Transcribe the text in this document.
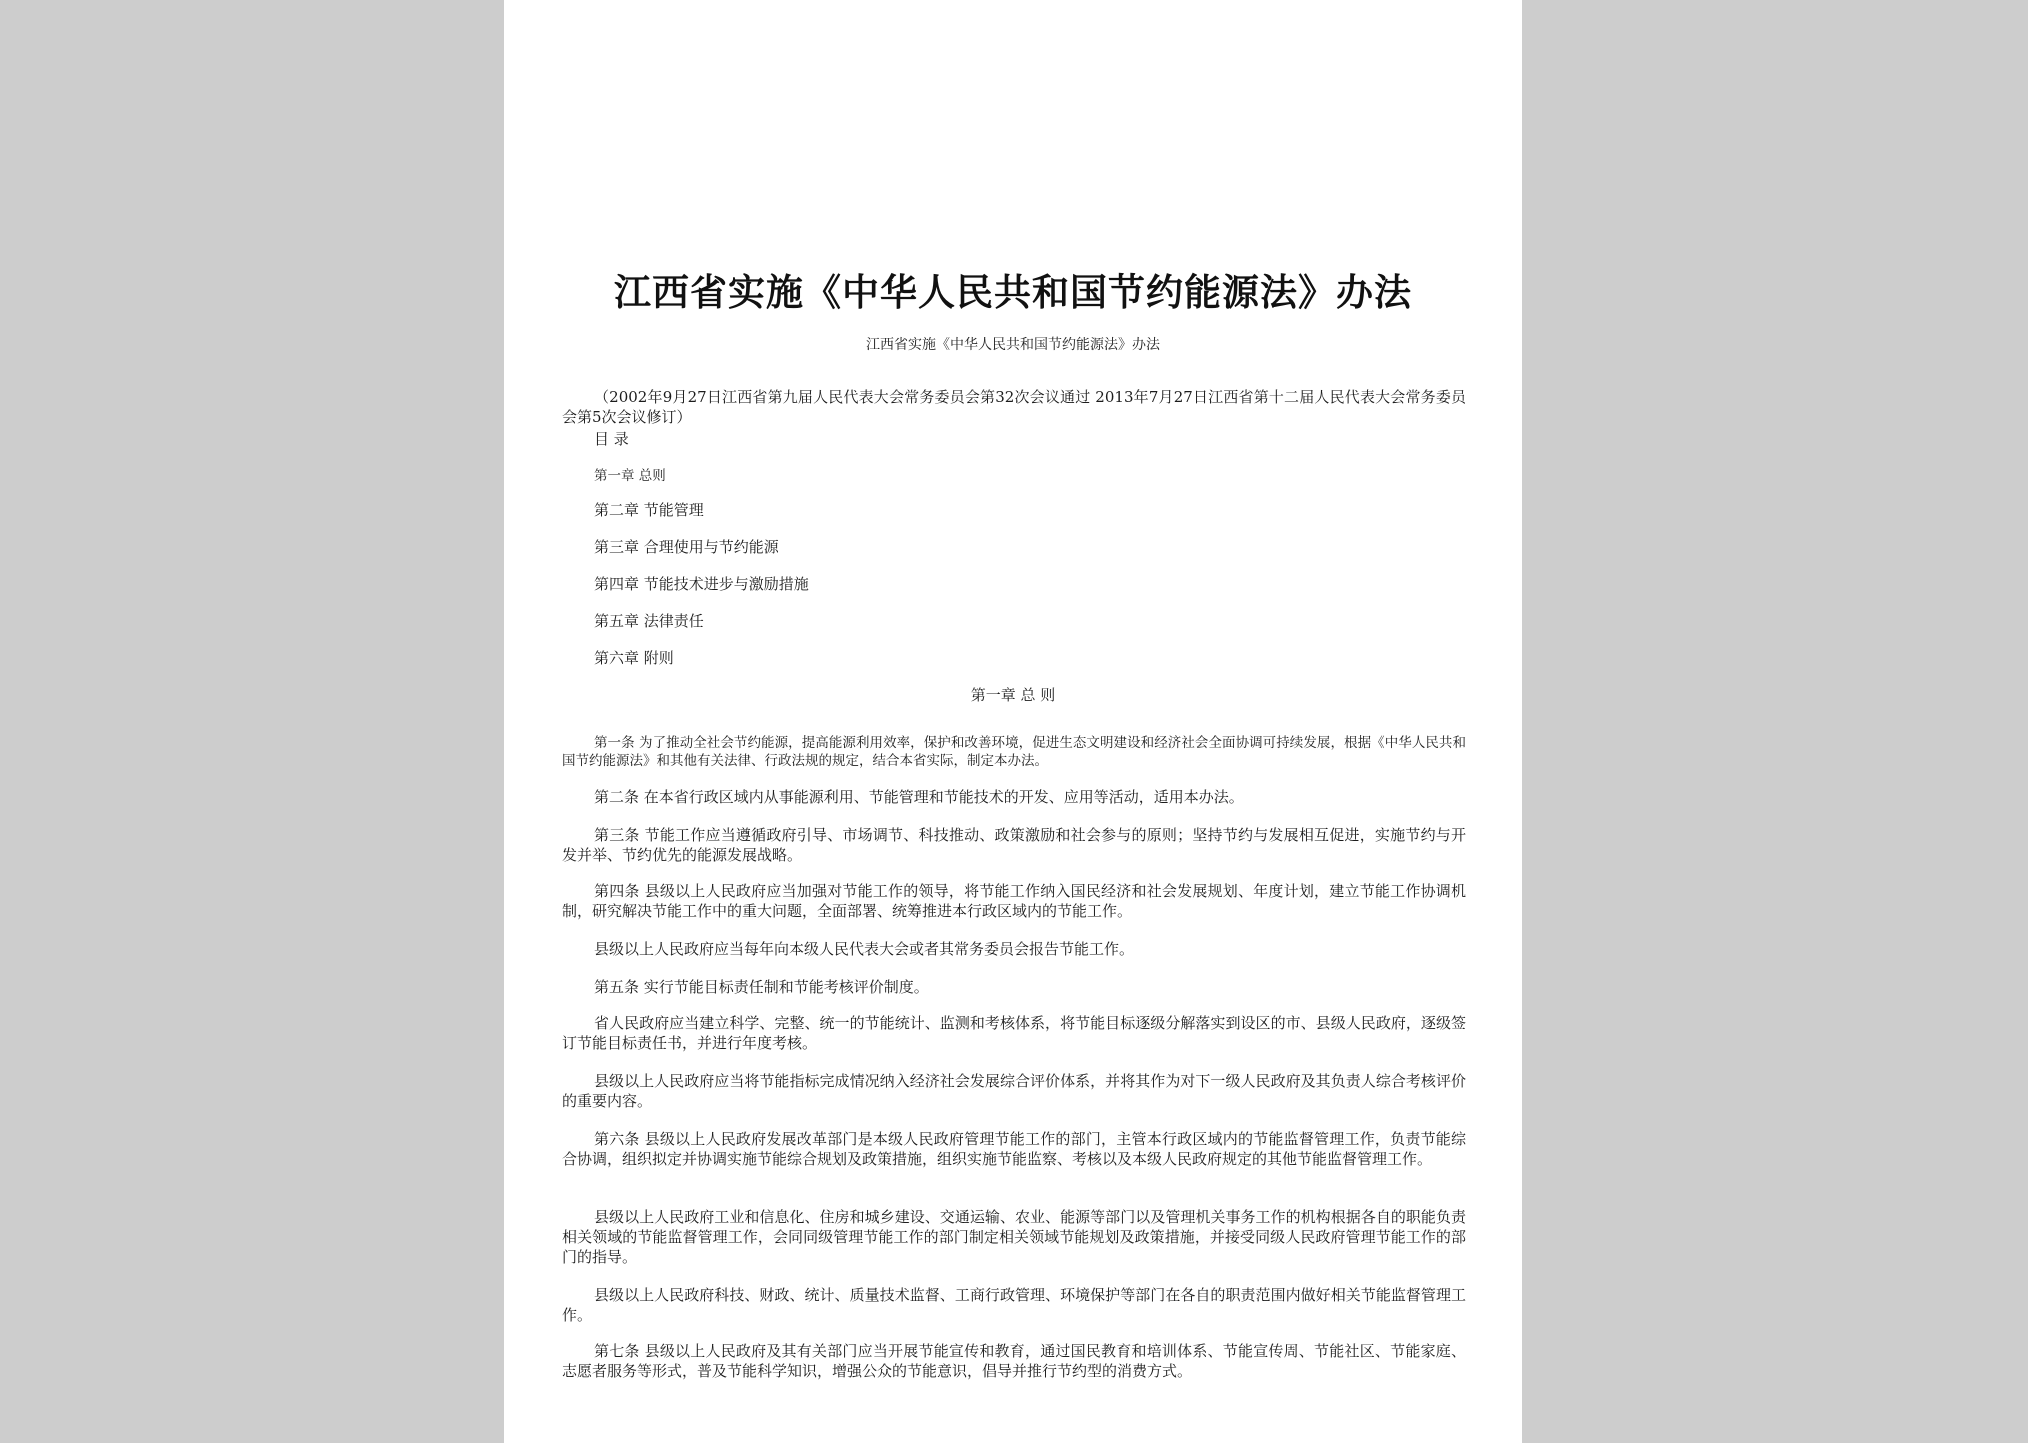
江西省实施《中华人民共和国节约能源法》办法
江西省实施《中华人民共和国节约能源法》办法

（2002年9月27日江西省第九届人民代表大会常务委员会第32次会议通过 2013年7月27日江西省第十二届人民代表大会常务委员会第5次会议修订）

目 录
第一章 总则
第二章 节能管理
第三章 合理使用与节约能源
第四章 节能技术进步与激励措施
第五章 法律责任
第六章 附则
第一章 总 则

第一条 为了推动全社会节约能源，提高能源利用效率，保护和改善环境，促进生态文明建设和经济社会全面协调可持续发展，根据《中华人民共和国节约能源法》和其他有关法律、行政法规的规定，结合本省实际，制定本办法。

第二条 在本省行政区域内从事能源利用、节能管理和节能技术的开发、应用等活动，适用本办法。

第三条 节能工作应当遵循政府引导、市场调节、科技推动、政策激励和社会参与的原则；坚持节约与发展相互促进，实施节约与开发并举、节约优先的能源发展战略。

第四条 县级以上人民政府应当加强对节能工作的领导，将节能工作纳入国民经济和社会发展规划、年度计划，建立节能工作协调机制，研究解决节能工作中的重大问题，全面部署、统筹推进本行政区域内的节能工作。

县级以上人民政府应当每年向本级人民代表大会或者其常务委员会报告节能工作。

第五条 实行节能目标责任制和节能考核评价制度。

省人民政府应当建立科学、完整、统一的节能统计、监测和考核体系，将节能目标逐级分解落实到设区的市、县级人民政府，逐级签订节能目标责任书，并进行年度考核。

县级以上人民政府应当将节能指标完成情况纳入经济社会发展综合评价体系，并将其作为对下一级人民政府及其负责人综合考核评价的重要内容。

第六条 县级以上人民政府发展改革部门是本级人民政府管理节能工作的部门，主管本行政区域内的节能监督管理工作，负责节能综合协调，组织拟定并协调实施节能综合规划及政策措施，组织实施节能监察、考核以及本级人民政府规定的其他节能监督管理工作。

县级以上人民政府工业和信息化、住房和城乡建设、交通运输、农业、能源等部门以及管理机关事务工作的机构根据各自的职能负责相关领域的节能监督管理工作，会同同级管理节能工作的部门制定相关领域节能规划及政策措施，并接受同级人民政府管理节能工作的部门的指导。

县级以上人民政府科技、财政、统计、质量技术监督、工商行政管理、环境保护等部门在各自的职责范围内做好相关节能监督管理工作。

第七条 县级以上人民政府及其有关部门应当开展节能宣传和教育，通过国民教育和培训体系、节能宣传周、节能社区、节能家庭、志愿者服务等形式，普及节能科学知识，增强公众的节能意识，倡导并推行节约型的消费方式。
